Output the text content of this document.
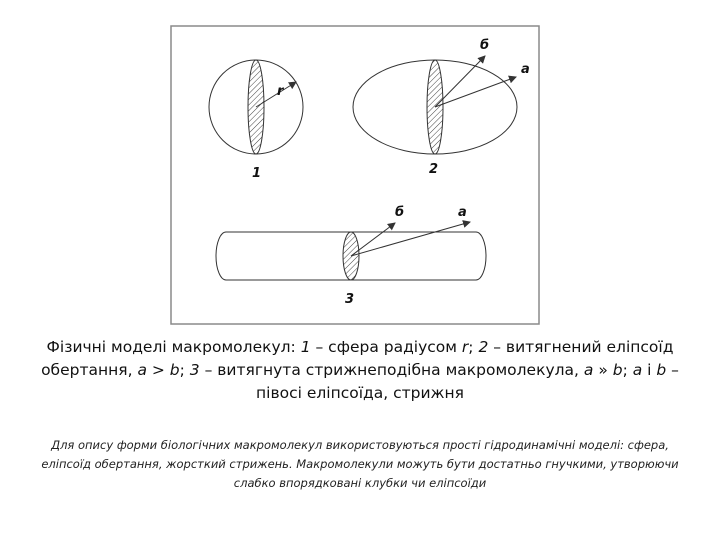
r
1
б
а
2
б	а
3
Фізичні моделі макромолекул: 1 – сфера радіусом r; 2 – витягнений еліпсоїд обертання, a > b; 3 – витягнута стрижнеподібна макромолекула, a » b; a і b – півосі еліпсоїда, стрижня
Для опису форми біологічних макромолекул використовуються прості гідродинамічні моделі: сфера, еліпсоїд обертання, жорсткий стрижень. Макромолекули можуть бути достатньо гнучкими, утворюючи слабко впорядковані клубки чи еліпсоїди
